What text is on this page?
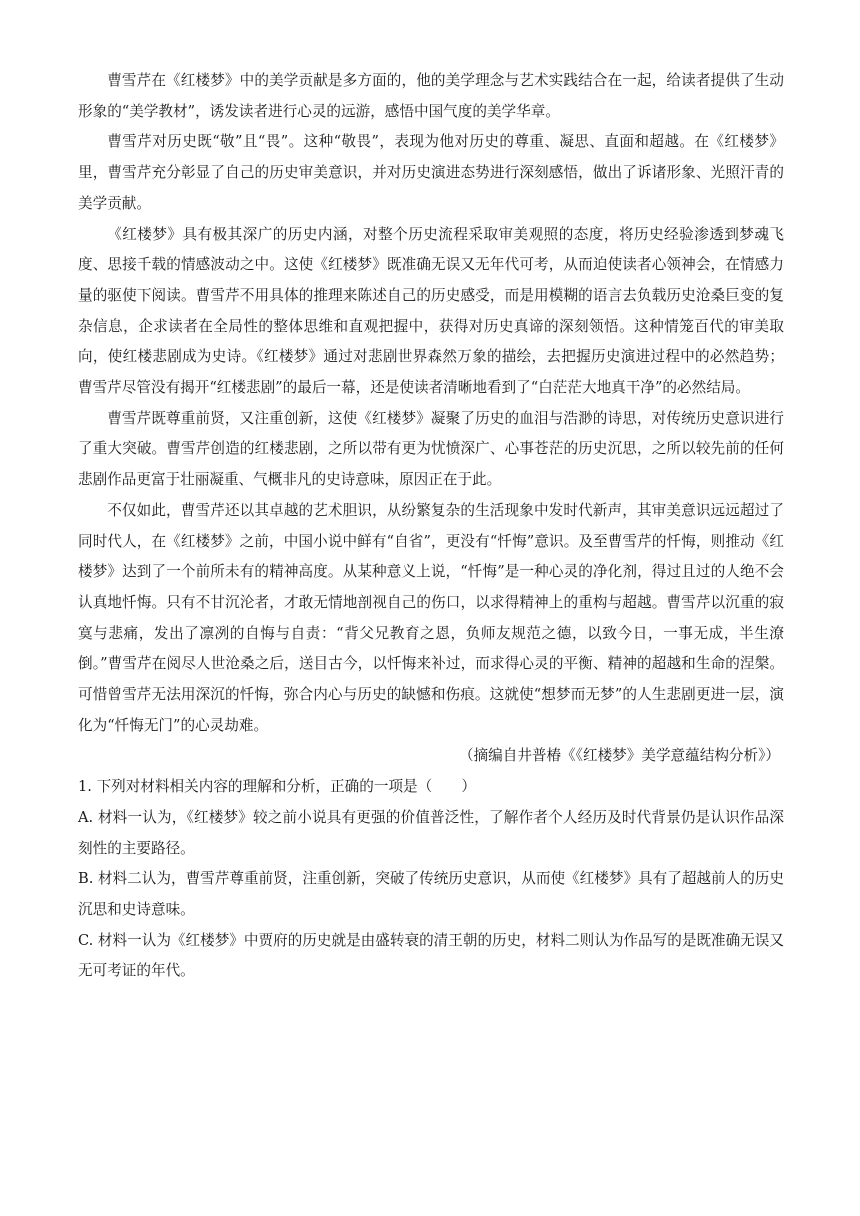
曹雪芹在《红楼梦》中的美学贡献是多方面的，他的美学理念与艺术实践结合在一起，给读者提供了生动形象的“美学教材”，诱发读者进行心灵的远游，感悟中国气度的美学华章。

曹雪芹对历史既“敬”且“畏”。这种“敬畏”，表现为他对历史的尊重、凝思、直面和超越。在《红楼梦》里，曹雪芹充分彰显了自己的历史审美意识，并对历史演进态势进行深刻感悟，做出了诉诸形象、光照汗青的美学贡献。

《红楼梦》具有极其深广的历史内涵，对整个历史流程采取审美观照的态度，将历史经验渗透到梦魂飞度、思接千载的情感波动之中。这使《红楼梦》既准确无误又无年代可考，从而迫使读者心领神会，在情感力量的驱使下阅读。曹雪芹不用具体的推理来陈述自己的历史感受，而是用模糊的语言去负载历史沧桑巨变的复杂信息，企求读者在全局性的整体思维和直观把握中，获得对历史真谛的深刻领悟。这种情笼百代的审美取向，使红楼悲剧成为史诗。《红楼梦》通过对悲剧世界森然万象的描绘，去把握历史演进过程中的必然趋势；曹雪芹尽管没有揭开“红楼悲剧”的最后一幕，还是使读者清晰地看到了“白茫茫大地真干净”的必然结局。

曹雪芹既尊重前贤，又注重创新，这使《红楼梦》凝聚了历史的血泪与浩渺的诗思，对传统历史意识进行了重大突破。曹雪芹创造的红楼悲剧，之所以带有更为忧愤深广、心事苍茫的历史沉思，之所以较先前的任何悲剧作品更富于壮丽凝重、气概非凡的史诗意味，原因正在于此。

不仅如此，曹雪芹还以其卓越的艺术胆识，从纷繁复杂的生活现象中发时代新声，其审美意识远远超过了同时代人，在《红楼梦》之前，中国小说中鲜有“自省”，更没有“忏悔”意识。及至曹雪芹的忏悔，则推动《红楼梦》达到了一个前所未有的精神高度。从某种意义上说，“忏悔”是一种心灵的净化剂，得过且过的人绝不会认真地忏悔。只有不甘沉沦者，才敢无情地剖视自己的伤口，以求得精神上的重构与超越。曹雪芹以沉重的寂寞与悲痛，发出了凛冽的自悔与自责：“背父兄教育之恩，负师友规范之德，以致今日，一事无成，半生潦倒。”曹雪芹在阅尽人世沧桑之后，送目古今，以忏悔来补过，而求得心灵的平衡、精神的超越和生命的涅槃。可惜曾雪芹无法用深沉的忏悔，弥合内心与历史的缺憾和伤痕。这就使“想梦而无梦”的人生悲剧更进一层，演化为“忏悔无门”的心灵劫难。

（摘编自井普椿《《红楼梦》美学意蕴结构分析》）

1. 下列对材料相关内容的理解和分析，正确的一项是（　　）

A. 材料一认为，《红楼梦》较之前小说具有更强的价值普泛性，了解作者个人经历及时代背景仍是认识作品深刻性的主要路径。

B. 材料二认为，曹雪芹尊重前贤，注重创新，突破了传统历史意识，从而使《红楼梦》具有了超越前人的历史沉思和史诗意味。

C. 材料一认为《红楼梦》中贾府的历史就是由盛转衰的清王朝的历史，材料二则认为作品写的是既准确无误又无可考证的年代。
